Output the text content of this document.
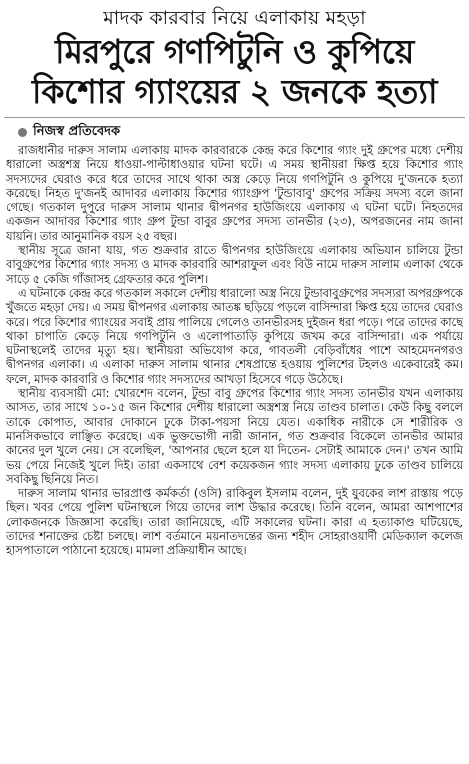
মাদক কারবার নিয়ে এলাকায় মহড়া
মিরপুরে গণপিটুনি ও কুপিয়ে কিশোর গ্যাংয়ের ২ জনকে হত্যা
নিজস্ব প্রতিবেদক

রাজধানীর দারুস সালাম এলাকায় মাদক কারবারকে কেন্দ্র করে কিশোর গ্যাং দুই গ্রুপের মধ্যে দেশীয় ধারালো অস্ত্রশস্ত্র নিয়ে ধাওয়া-পাল্টাধাওয়ার ঘটনা ঘটে। এ সময় স্থানীয়রা ক্ষিপ্ত হয়ে কিশোর গ্যাং সদস্যদের ঘেরাও করে ধরে তাদের সাথে থাকা অস্ত্র কেড়ে নিয়ে গণপিটুনি ও কুপিয়ে দু'জনকে হত্যা করেছে। নিহত দু'জনই আদাবর এলাকায় কিশোর গ্যাংগ্রুপ 'টুন্ডাবাবু' গ্রুপের সক্রিয় সদস্য বলে জানা গেছে। গতকাল দুপুরে দারুস সালাম থানার দ্বীপনগর হাউজিংয়ে এলাকায় এ ঘটনা ঘটে। নিহতদের একজন আদাবর কিশোর গ্যাং গ্রুপ টুন্ডা বাবুর গ্রুপের সদস্য তানভীর (২৩), অপরজনের নাম জানা যায়নি। তার আনুমানিক বয়স ২৫ বছর।

স্থানীয় সূত্রে জানা যায়, গত শুক্রবার রাতে দ্বীপনগর হাউজিংয়ে এলাকায় অভিযান চালিয়ে টুন্ডা বাবুগ্রুপের কিশোর গ্যাং সদস্য ও মাদক কারবারি আশরাফুল এবং বিউ নামে দারুস সালাম এলাকা থেকে সাড়ে ৫ কেজি গাঁজাসহ গ্রেফতার করে পুলিশ।

এ ঘটনাকে কেন্দ্র করে গতকাল সকালে দেশীয় ধারালো অস্ত্র নিয়ে টুন্ডাবাবুগ্রুপের সদস্যরা অপরগ্রুপকে খুঁজতে মহড়া দেয়। এ সময় দ্বীপনগর এলাকায় আতঙ্ক ছড়িয়ে পড়লে বাসিন্দারা ক্ষিপ্ত হয়ে তাদের ঘেরাও করে। পরে কিশোর গ্যাংয়ের সবাই প্রায় পালিয়ে গেলেও তানভীরসহ দুইজন ধরা পড়ে। পরে তাদের কাছে থাকা চাপাতি কেড়ে নিয়ে গণপিটুনি ও এলোপাতাড়ি কুপিয়ে জখম করে বাসিন্দারা। এক পর্যায়ে ঘটনাস্থলেই তাদের মৃত্যু হয়। স্থানীয়রা অভিযোগ করে, গাবতলী বেড়িবাঁধের পাশে আহমেদনগরও দ্বীপনগর এলাকা। এ এলাকা দারুস সালাম থানার শেষপ্রান্তে হওয়ায় পুলিশের টহলও একেবারেই কম। ফলে, মাদক কারবারি ও কিশোর গ্যাং সদস্যদের আখড়া হিসেবে গড়ে উঠেছে।

স্থানীয় ব্যবসায়ী মো: খোরশেদ বলেন, টুন্ডা বাবু গ্রুপের কিশোর গ্যাং সদস্য তানভীর যখন এলাকায় আসত, তার সাথে ১০-১৫ জন কিশোর দেশীয় ধারালো অস্ত্রশস্ত্র নিয়ে তাণ্ডব চালাত। কেউ কিছু বললে তাকে কোপাত, আবার দোকানে ঢুকে টাকা-পয়সা নিয়ে যেত। একাধিক নারীকে সে শারীরিক ও মানসিকভাবে লাঞ্ছিত করেছে। এক ভুক্তভোগী নারী জানান, গত শুক্রবার বিকেলে তানভীর আমার কানের দুল খুলে নেয়। সে বলেছিল, 'আপনার ছেলে হলে যা দিতেন- সেটাই আমাকে দেন।' তখন আমি ভয় পেয়ে নিজেই খুলে দিই। তারা একসাথে বেশ কয়েকজন গ্যাং সদস্য এলাকায় ঢুকে তাণ্ডব চালিয়ে সবকিছু ছিনিয়ে নিত।

দারুস সালাম থানার ভারপ্রাপ্ত কর্মকর্তা (ওসি) রাকিবুল ইসলাম বলেন, দুই যুবকের লাশ রাস্তায় পড়ে ছিল। খবর পেয়ে পুলিশ ঘটনাস্থলে গিয়ে তাদের লাশ উদ্ধার করেছে। তিনি বলেন, আমরা আশপাশের লোকজনকে জিজ্ঞাসা করেছি। তারা জানিয়েছে, এটি সকালের ঘটনা। কারা এ হত্যাকাণ্ড ঘটিয়েছে, তাদের শনাক্তের চেষ্টা চলছে। লাশ বর্তমানে ময়নাতদন্তের জন্য শহীদ সোহরাওয়ার্দী মেডিক্যাল কলেজ হাসপাতালে পাঠানো হয়েছে। মামলা প্রক্রিয়াধীন আছে।
